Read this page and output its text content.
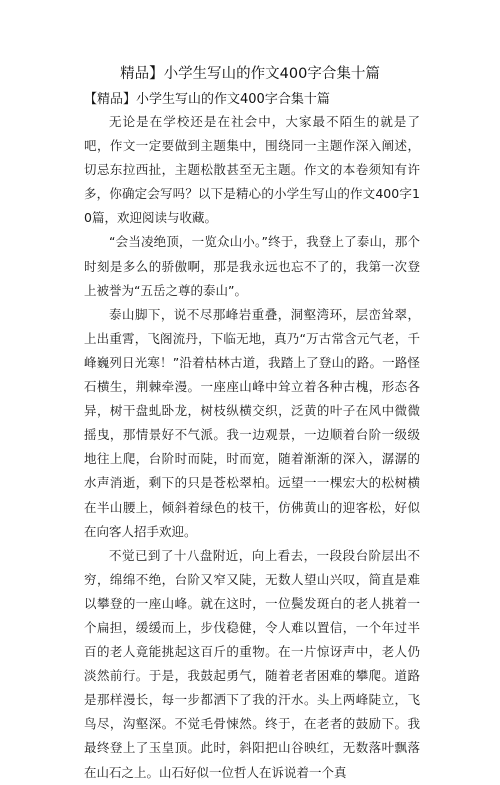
精品】小学生写山的作文400字合集十篇
【精品】小学生写山的作文400字合集十篇

无论是在学校还是在社会中，大家最不陌生的就是了吧，作文一定要做到主题集中，围绕同一主题作深入阐述，切忌东拉西扯，主题松散甚至无主题。作文的本卷须知有许多，你确定会写吗？以下是精心的小学生写山的作文400字10篇，欢迎阅读与收藏。

“会当凌绝顶，一览众山小。”终于，我登上了泰山，那个时刻是多么的骄傲啊，那是我永远也忘不了的，我第一次登上被誉为“五岳之尊的泰山”。

泰山脚下，说不尽那峰岩重叠，洞壑湾环，层峦耸翠，上出重霄，飞阁流丹，下临无地，真乃“万古常含元气老，千峰巍列日光寒！”沿着枯林古道，我踏上了登山的路。一路怪石横生，荆棘牵漫。一座座山峰中耸立着各种古槐，形态各异，树干盘虬卧龙，树枝纵横交织，泛黄的叶子在风中微微摇曳，那情景好不气派。我一边观景，一边顺着台阶一级级地往上爬，台阶时而陡，时而宽，随着渐渐的深入，潺潺的水声消逝，剩下的只是苍松翠柏。远望一一棵宏大的松树横在半山腰上，倾斜着绿色的枝干，仿佛黄山的迎客松，好似在向客人招手欢迎。

不觉已到了十八盘附近，向上看去，一段段台阶层出不穷，绵绵不绝，台阶又窄又陡，无数人望山兴叹，简直是难以攀登的一座山峰。就在这时，一位鬓发斑白的老人挑着一个扁担，缓缓而上，步伐稳健，令人难以置信，一个年过半百的老人竟能挑起这百斤的重物。在一片惊讶声中，老人仍淡然前行。于是，我鼓起勇气，随着老者困难的攀爬。道路是那样漫长，每一步都洒下了我的汗水。头上两峰陡立，飞鸟尽，沟壑深。不觉毛骨悚然。终于，在老者的鼓励下。我最终登上了玉皇顶。此时，斜阳把山谷映红，无数落叶飘落在山石之上。山石好似一位哲人在诉说着一个真
